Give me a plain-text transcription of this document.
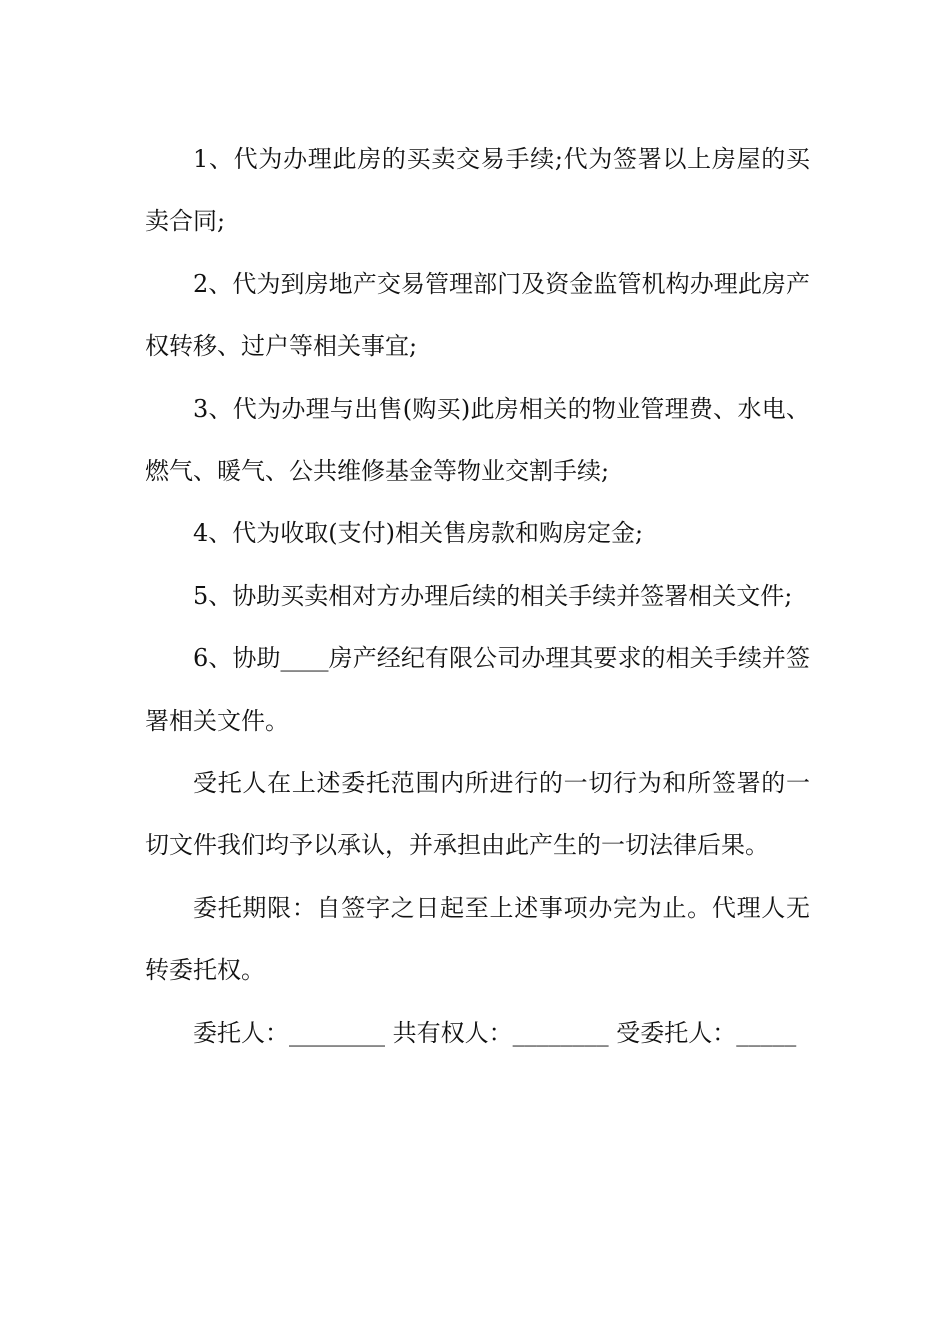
1、代为办理此房的买卖交易手续;代为签署以上房屋的买卖合同;

2、代为到房地产交易管理部门及资金监管机构办理此房产权转移、过户等相关事宜;

3、代为办理与出售(购买)此房相关的物业管理费、水电、燃气、暖气、公共维修基金等物业交割手续;

4、代为收取(支付)相关售房款和购房定金;

5、协助买卖相对方办理后续的相关手续并签署相关文件;

6、协助____房产经纪有限公司办理其要求的相关手续并签署相关文件。

受托人在上述委托范围内所进行的一切行为和所签署的一切文件我们均予以承认，并承担由此产生的一切法律后果。

委托期限：自签字之日起至上述事项办完为止。代理人无转委托权。

委托人：________ 共有权人：________ 受委托人：_____
